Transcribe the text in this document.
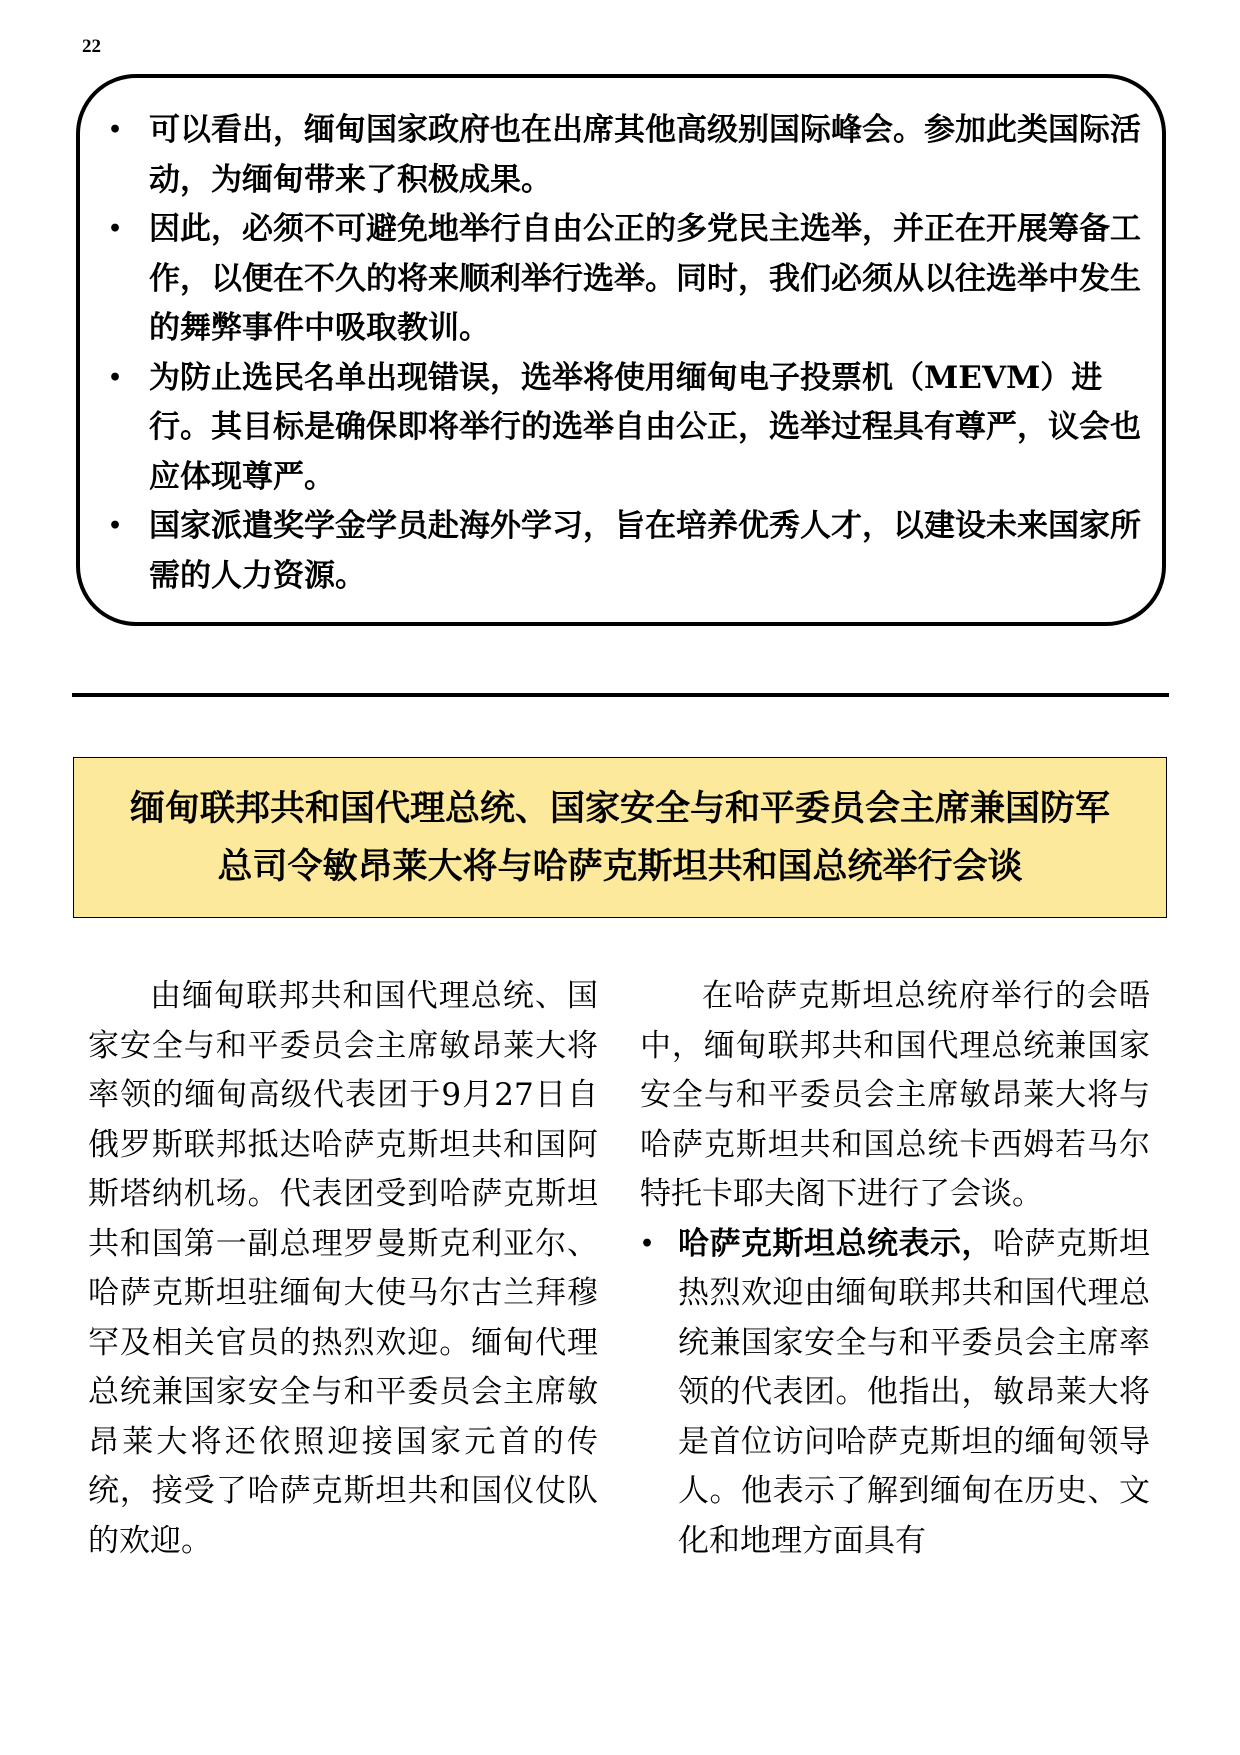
22
• 可以看出，缅甸国家政府也在出席其他高级别国际峰会。参加此类国际活动，为缅甸带来了积极成果。
• 因此，必须不可避免地举行自由公正的多党民主选举，并正在开展筹备工作，以便在不久的将来顺利举行选举。同时，我们必须从以往选举中发生的舞弊事件中吸取教训。
• 为防止选民名单出现错误，选举将使用缅甸电子投票机（MEVM）进行。其目标是确保即将举行的选举自由公正，选举过程具有尊严，议会也应体现尊严。
• 国家派遣奖学金学员赴海外学习，旨在培养优秀人才，以建设未来国家所需的人力资源。
缅甸联邦共和国代理总统、国家安全与和平委员会主席兼国防军
总司令敏昂莱大将与哈萨克斯坦共和国总统举行会谈

由缅甸联邦共和国代理总统、国家安全与和平委员会主席敏昂莱大将率领的缅甸高级代表团于9月27日自俄罗斯联邦抵达哈萨克斯坦共和国阿斯塔纳机场。代表团受到哈萨克斯坦共和国第一副总理罗曼斯克利亚尔、哈萨克斯坦驻缅甸大使马尔古兰拜穆罕及相关官员的热烈欢迎。缅甸代理总统兼国家安全与和平委员会主席敏昂莱大将还依照迎接国家元首的传统，接受了哈萨克斯坦共和国仪仗队的欢迎。

在哈萨克斯坦总统府举行的会晤中，缅甸联邦共和国代理总统兼国家安全与和平委员会主席敏昂莱大将与哈萨克斯坦共和国总统卡西姆若马尔特托卡耶夫阁下进行了会谈。

• 哈萨克斯坦总统表示，哈萨克斯坦热烈欢迎由缅甸联邦共和国代理总统兼国家安全与和平委员会主席率领的代表团。他指出，敏昂莱大将是首位访问哈萨克斯坦的缅甸领导人。他表示了解到缅甸在历史、文化和地理方面具有
